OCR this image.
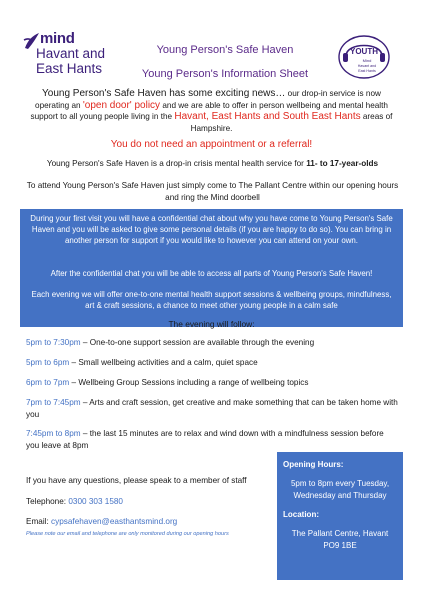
mind
Havant and
East Hants
Young Person's Safe Haven
Young Person's Information Sheet
YOUTH
Mind
Havant and
East Hants
Young Person's Safe Haven has some exciting news… our drop-in service is now operating an 'open door' policy and we are able to offer in person wellbeing and mental health support to all young people living in the Havant, East Hants and South East Hants areas of Hampshire.
You do not need an appointment or a referral!
Young Person's Safe Haven is a drop-in crisis mental health service for 11- to 17-year-olds
To attend Young Person's Safe Haven just simply come to The Pallant Centre within our opening hours and ring the Mind doorbell

During your first visit you will have a confidential chat about why you have come to Young Person's Safe Haven and you will be asked to give some personal details (if you are happy to do so). You can bring in another person for support if you would like to however you can attend on your own.

After the confidential chat you will be able to access all parts of Young Person's Safe Haven!

Each evening we will offer one-to-one mental health support sessions & wellbeing groups, mindfulness, art & craft sessions, a chance to meet other young people in a calm safe

The evening will follow:
5pm to 7:30pm – One-to-one support session are available through the evening
5pm to 6pm – Small wellbeing activities and a calm, quiet space
6pm to 7pm – Wellbeing Group Sessions including a range of wellbeing topics
7pm to 7:45pm – Arts and craft session, get creative and make something that can be taken home with you
7:45pm to 8pm – the last 15 minutes are to relax and wind down with a mindfulness session before you leave at 8pm
If you have any questions, please speak to a member of staff
Telephone: 0300 303 1580
Email: cypsafehaven@easthantsmind.org
Please note our email and telephone are only monitored during our opening hours
Opening Hours:
5pm to 8pm every Tuesday,
Wednesday and Thursday
Location:
The Pallant Centre, Havant
PO9 1BE
